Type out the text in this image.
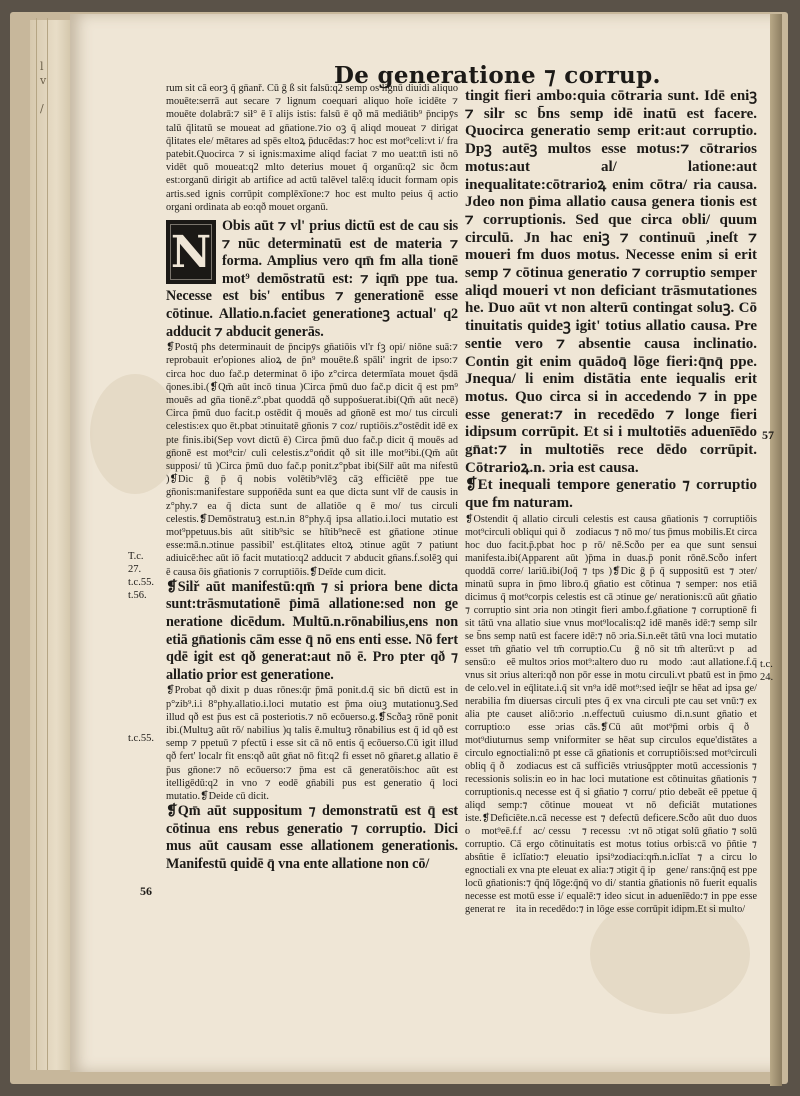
l
v

/
De generatione ⁊ corrup.

rum sit cā eorꝫ q̄ gn̄anř. Cū ḡ ß sit falsū:q2 semp os lignū diuidi aliquo mouēte:serrā aut secare ⁊ lignum coequari aliquo hoīe icidēte ⁊ mouēte dolabrā:⁊ sił° ē ī alijs istis: falsū ē qð mā mediātib⁹ p̄ncipȳs talū q̄litatū se moueat ad gn̄atione.⁊io oꝫ q̄ aliqd moueat ⁊ dirigat q̄litates ele/ mētares ad spēs eltoꝝ p̄ducēdas:⁊ hoc est mot⁹celi:vt i/ fra patebit.Quocirca ⁊ si ignis:maxime aliqd faciat ⁊ mo ueat:tn̄ isti nō vidēt quō moueat:q2 mlto deterius mouet q̄ organū:q2 sic ðcm est:organū dirigit ab artifice ad actū talēvel talē:q iducit formam opis artis.sed ignis corrūpit complēxīone:⁊ hoc est multo peius q̄ actio organi ordinata ab eo:qð mouet organū.

N

Obis aūt ⁊ vl' prius dictū est de cau sis ⁊ nūc determinatū est de materia ⁊ forma. Amplius vero qm̄ fm alla tionē mot⁹ demōstratū est: ⁊ iqm̄ ppe tua. Necesse est bis' entibus ⁊ generationē esse cōtinue. Allatio.n.faciet generationeꝫ actual' q2 adducit ⁊ abducit generās.

❡Postq̄ pħs determinauit de p̄ncipȳs gn̄atiōis vl'r fꝫ opi/ niōne suā:⁊ reprobauit er'opiones alioꝝ de p̄n⁹ mouēte.ß spāli' ingrit de ipso:⁊ circa hoc duo fač.p determinat ō ip̄o z°circa determīata mouet q̄sdā q̄ones.ibi.(❡Qm̄ aūt incō tinua )Circa p̄mū duo fač.p dicit q̄ est pm⁹ mouēs ad gn̄a tionē.z°.pbat quoddā qð suppośuerat.ibi(Qm̄ aūt necē) Circa p̄mū duo facit.p ostēdit q̄ mouēs ad gn̄onē est mo/ tus circuli celestis:ex quo ēt.pbat ɔtinuitatē gn̄onis ⁊ coz/ ruptiōis.z°ostēdit idē ex pte finis.ibi(Sep vovt dictū ē) Circa p̄mū duo fač.p dicit q̄ mouēs ad gn̄onē est mot⁹cir/ culi celestis.z°ońdit qð sit ille mot⁹ibi.(Qm̄ aūt supposi/ tū )Circa p̄mū duo fač.p ponit.z°pbat ibi(Silř aūt ma nifestū )❡Dic ḡ p̄ q̄ nobis volētib⁹vlēꝫ cāꝫ efficiētē ppe tue gn̄onis:manifestare suppońēda sunt ea que dicta sunt vlř de causis in z°phy.⁊ ea q̄ dicta sunt de allatiōe q ē mo/ tus circuli celestis.❡Demōstratuꝫ est.n.in 8°phy.q̄ ipsa allatio.i.loci mutatio est mot⁹ppetuus.bis aūt sitib⁹sic se hītib⁹necē est gn̄atione ɔtinue esse:mā.n.ɔtinue passibil' est.q̄litates eltoꝝ ɔtinue agūt ⁊ patiunt adiuicē:hec aūt iō facit mutatio:q2 adducit ⁊ abducit gn̄ans.f.solēꝫ qui ē causa ōis gn̄ationis ⁊ corruptiōis.❡Deīde cum dicit.

❡Silř aūt manifestū:qm̄ ⁊ si priora bene dicta sunt:trāsmutationē p̄imā allatione:sed non ge neratione dicēdum. Multū.n.rōnabilius,ens non etiā gn̄ationis cām esse q̄ nō ens enti esse. Nō fert qdē igit est qð generat:aut nō ē. Pro pter qð ⁊ allatio prior est generatione.

❡Probat qð dixit p duas rōnes:q̄r p̄mā ponit.d.q̄ sic bn̄ dictū est in p°zib⁹.i.i 8°phy.allatio.i.loci mutatio est p̄ma oiuꝫ mutationuꝫ.Sed illud qð est p̄us est cā posteriotis.⁊ nō ecōuerso.g.❡Scðaꝫ rōnē ponit ibi.(Multuꝫ aūt rō/ nabilius )q talis ē.multuꝫ rōnabilius est q̄ id qð est semp ⁊ ppetuū ⁊ pfectū i esse sit cā nō entis q̄ ecōuerso.Cū igit illud qð fert' localr fit ens:qð aūt gn̄at nō fit:q2 fi esset nō gn̄aret.g allatio ē p̄us gn̄one:⁊ nō ecōuerso:⁊ p̄ma est cā generatōis:hoc aūt est itelligēdū:q2 in vno ⁊ eodē gn̄abili pus est generatio q̄ loci mutatio.❡Deide cū dicit.

❡Qm̄ aūt suppositum ⁊ demonstratū est q̄ est cōtinua ens rebus generatio ⁊ corruptio. Dici mus aūt causam esse allationem generationis. Manifestū quidē q̄ vna ente allatione non cō/

tingit fieri ambo:quia cōtraria sunt. Idē eniꝫ ⁊ silr sc b̄ns semp idē inatū est facere. Quocirca generatio semp erit:aut corruptio. Dpꝫ autēꝫ multos esse motus:⁊ cōtrarios motus:aut al/ latione:aut inequalitate:cōtrarioꝝ enim cōtra/ ria causa. Jdeo non p̄ima allatio causa genera tionis est ⁊ corruptionis. Sed que circa obli/ quum circulū. Jn hac eniꝫ ⁊ continuū ,ineſt ⁊ moueri fm duos motus. Necesse enim si erit semp ⁊ cōtinua generatio ⁊ corruptio semper aliqd moueri vt non deficiant trāsmutationes he. Duo aūt vt non alterū contingat soluꝫ. Cō tinuitatis quideꝫ igit' totius allatio causa. Pre sentie vero ⁊ absentie causa inclinatio. Contin git enim quādoq̄ lōge fieri:q̄nq̄ ppe. Jnequa/ li enim distātia ente iequalis erit motus. Quo circa si in accedendo ⁊ in ppe esse generat:⁊ in recedēdo ⁊ longe fieri idipsum corrūpit. Et si i multotiēs aduenīēdo gn̄at:⁊ in multotiēs rece dēdo corrūpit. Cōtrarioꝝ.n. ɔria est causa.

❡Et inequali tempore generatio ⁊ corruptio que fm naturam.

❡Ostendit q̄ allatio circuli celestis est causa gn̄ationis ⁊ corruptiōis mot⁹circuli obliqui qui ðᷓ zodiacus ⁊ nō mo/ tus p̄mus mobilis.Et circa hoc duo facit.p̄.pbat hoc p rō/ nē.Scðo per ea que sunt sensui manifesta.ibi(Apparent aūt )p̄ma in duas.p̄ ponit rōnē.Scðo infert quoddā corre/ lariū.ibi(Joq̄ ⁊ tps )❡Dic ḡ p̄ q̄ suppositū est ⁊ ɔter/ minatū supra in p̄mo libro.q̄ gn̄atio est cōtinua ⁊ semper: nos etiā dicimus q̄ mot⁹corpis celestis est cā ɔtinue ge/ nerationis:cū aūt gn̄atio ⁊ corruptio sint ɔria non ɔtingit fieri ambo.f.gn̄atione ⁊ corruptionē fi sit tātū vna allatio siue vnus mot⁹localis:q2 idē manēs idē:⁊ semp silr se b̄ns semp natū est facere idē:⁊ nō ɔria.Si.n.eēt tātū vna loci mutatio esset tm̄ gn̄atio vel tm̄ corruptio.Cuꝫ ḡ nō sit tm̄ alterū:vt pꝫ ad sensū:oꝫ eē multos ɔrios mot⁹:altero duo ruꝫ modoꝝ:aut allatione.f.q̄ vnus sit ɔrius alteri:qð non pōr esse in motu circuli.vt pbatū est in p̄mo de celo.vel in eq̄litate.i.q̄ sit vn⁹a idē mot⁹:sed ieq̄lr se hēat ad ipsa ge/ nerabilia fm diuersas circuli ptes q̄ ex vna circuli pte cau set vnū:⁊ ex alia pte causet aliō:ɔrioꝝ.n.effectuū cuiusmo di.n.sunt gn̄atio et corruptio:oꝫ esse ɔrias cās.❡Cū aūt mot⁹p̄mi orbis q̄ ðᷓ mot⁹diuturnus semp vniformiter se hēat sup circulos eque'distātes a circulo egnoctiali:nō pt esse cā gn̄ationis et corruptiōis:sed mot⁹circuli obliq q̄ ðᷓ zodiacus est cā sufficiēs vtriusq̄ppter motū accessionis ⁊ recessionis solis:in eo in hac loci mutatione est cōtinuitas gn̄ationis ⁊ corruptionis.q necesse est q̄ si gn̄atio ⁊ corru/ ptio debeāt eē ppetue q̄ aliqd semp:⁊ cōtinue moueat vt nō deficiāt mutationes iste.❡Deficiēte.n.cā necesse est ⁊ defectū deficere.Scðo aūt duo duos oꝫ mot⁹eē.f.fꝫ ac/ cessuꝫ ⁊ recessuꝫ:vt nō ɔtigat solū gn̄atio ⁊ solū corruptio. Cā ergo cōtinuitatis est motus totius orbis:cā vo p̄ñtie ⁊ absñtie ē iclīatio:⁊ eleuatio ipsi⁹zodiaci:qm̄.n.iclīat ⁊ a circu lo egnoctiali ex vna pte eleuat ex alia:⁊ ɔtigit q̄ ipꝫ gene/ rans:q̄nq̄ est ppe locū gn̄ationis:⁊ q̄nq̄ lōge:q̄nq̄ vo di/ stantia gn̄ationis nō fuerit equalis necesse est motū esse i/ equalē:⁊ ideo sicut in aduenīēdo:⁊ in ppe esse generat reꝫ ita in recedēdo:⁊ in lōge esse corrūpit idipm.Et si multo/

T.c.
27.
t.c.55.
t.56.
t.c.55.
56
57
t.c.
24.
